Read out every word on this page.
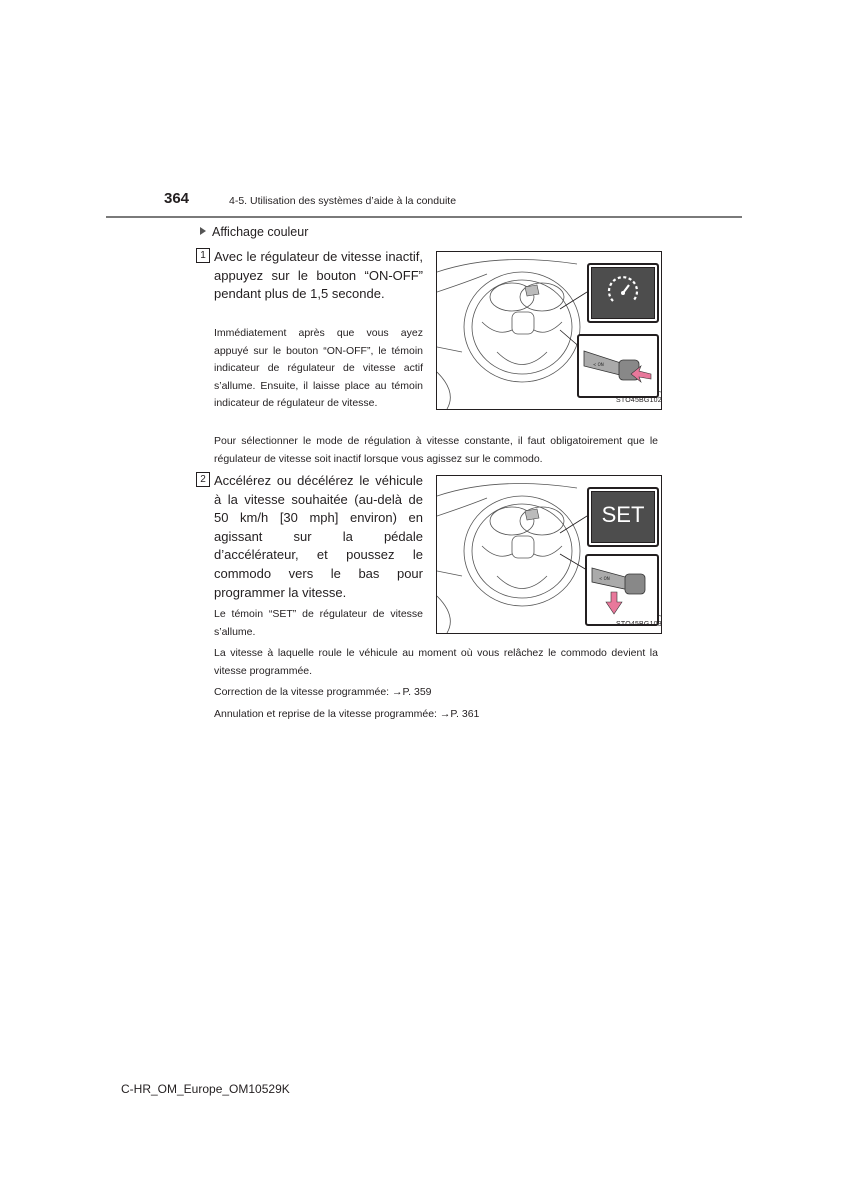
364	4-5. Utilisation des systèmes d’aide à la conduite
Affichage couleur
1 Avec le régulateur de vitesse inactif, appuyez sur le bouton “ON-OFF” pendant plus de 1,5 seconde.
Immédiatement après que vous ayez appuyé sur le bouton “ON-OFF”, le témoin indicateur de régulateur de vitesse actif s’allume. Ensuite, il laisse place au témoin indicateur de régulateur de vitesse.
< ON
STO45BG102
Pour sélectionner le mode de régulation à vitesse constante, il faut obligatoirement que le régulateur de vitesse soit inactif lorsque vous agissez sur le commodo.
2 Accélérez ou décélérez le véhicule à la vitesse souhaitée (au-delà de 50 km/h [30 mph] environ) en agissant sur la pédale d’accélérateur, et poussez le commodo vers le bas pour programmer la vitesse.
Le témoin “SET” de régulateur de vitesse s’allume.
SET
< ON
STO45BG103
La vitesse à laquelle roule le véhicule au moment où vous relâchez le commodo devient la vitesse programmée.
Correction de la vitesse programmée: →P. 359
Annulation et reprise de la vitesse programmée: →P. 361
C-HR_OM_Europe_OM10529K
